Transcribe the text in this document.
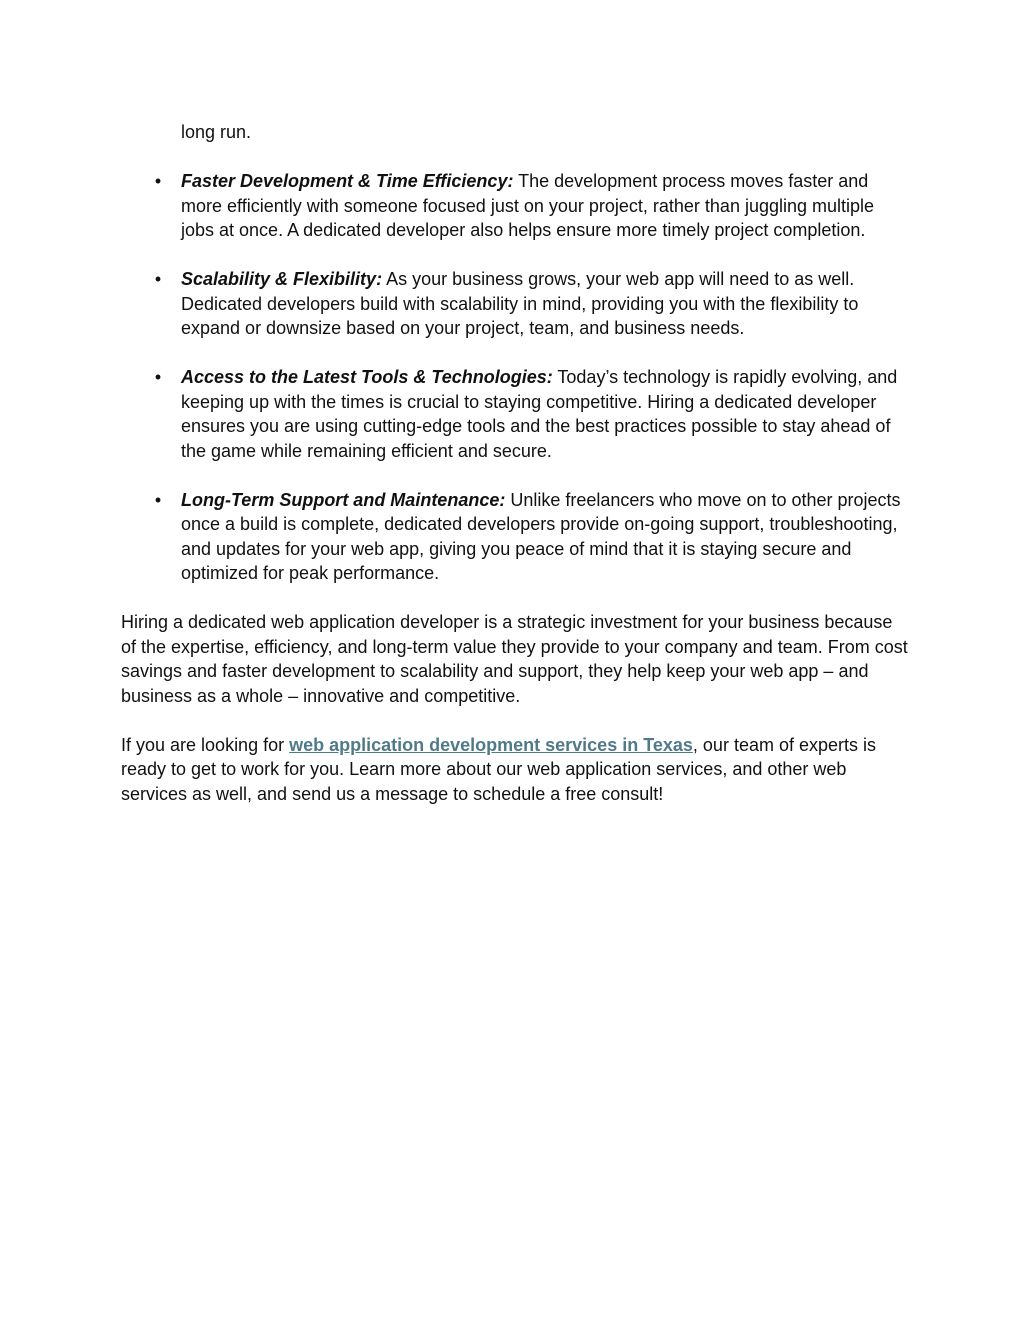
long run.

• Faster Development & Time Efficiency: The development process moves faster and more efficiently with someone focused just on your project, rather than juggling multiple jobs at once. A dedicated developer also helps ensure more timely project completion.
• Scalability & Flexibility: As your business grows, your web app will need to as well. Dedicated developers build with scalability in mind, providing you with the flexibility to expand or downsize based on your project, team, and business needs.
• Access to the Latest Tools & Technologies: Today’s technology is rapidly evolving, and keeping up with the times is crucial to staying competitive. Hiring a dedicated developer ensures you are using cutting-edge tools and the best practices possible to stay ahead of the game while remaining efficient and secure.
• Long-Term Support and Maintenance: Unlike freelancers who move on to other projects once a build is complete, dedicated developers provide on-going support, troubleshooting, and updates for your web app, giving you peace of mind that it is staying secure and optimized for peak performance.

Hiring a dedicated web application developer is a strategic investment for your business because of the expertise, efficiency, and long-term value they provide to your company and team. From cost savings and faster development to scalability and support, they help keep your web app – and business as a whole – innovative and competitive.

If you are looking for web application development services in Texas, our team of experts is ready to get to work for you. Learn more about our web application services, and other web services as well, and send us a message to schedule a free consult!
